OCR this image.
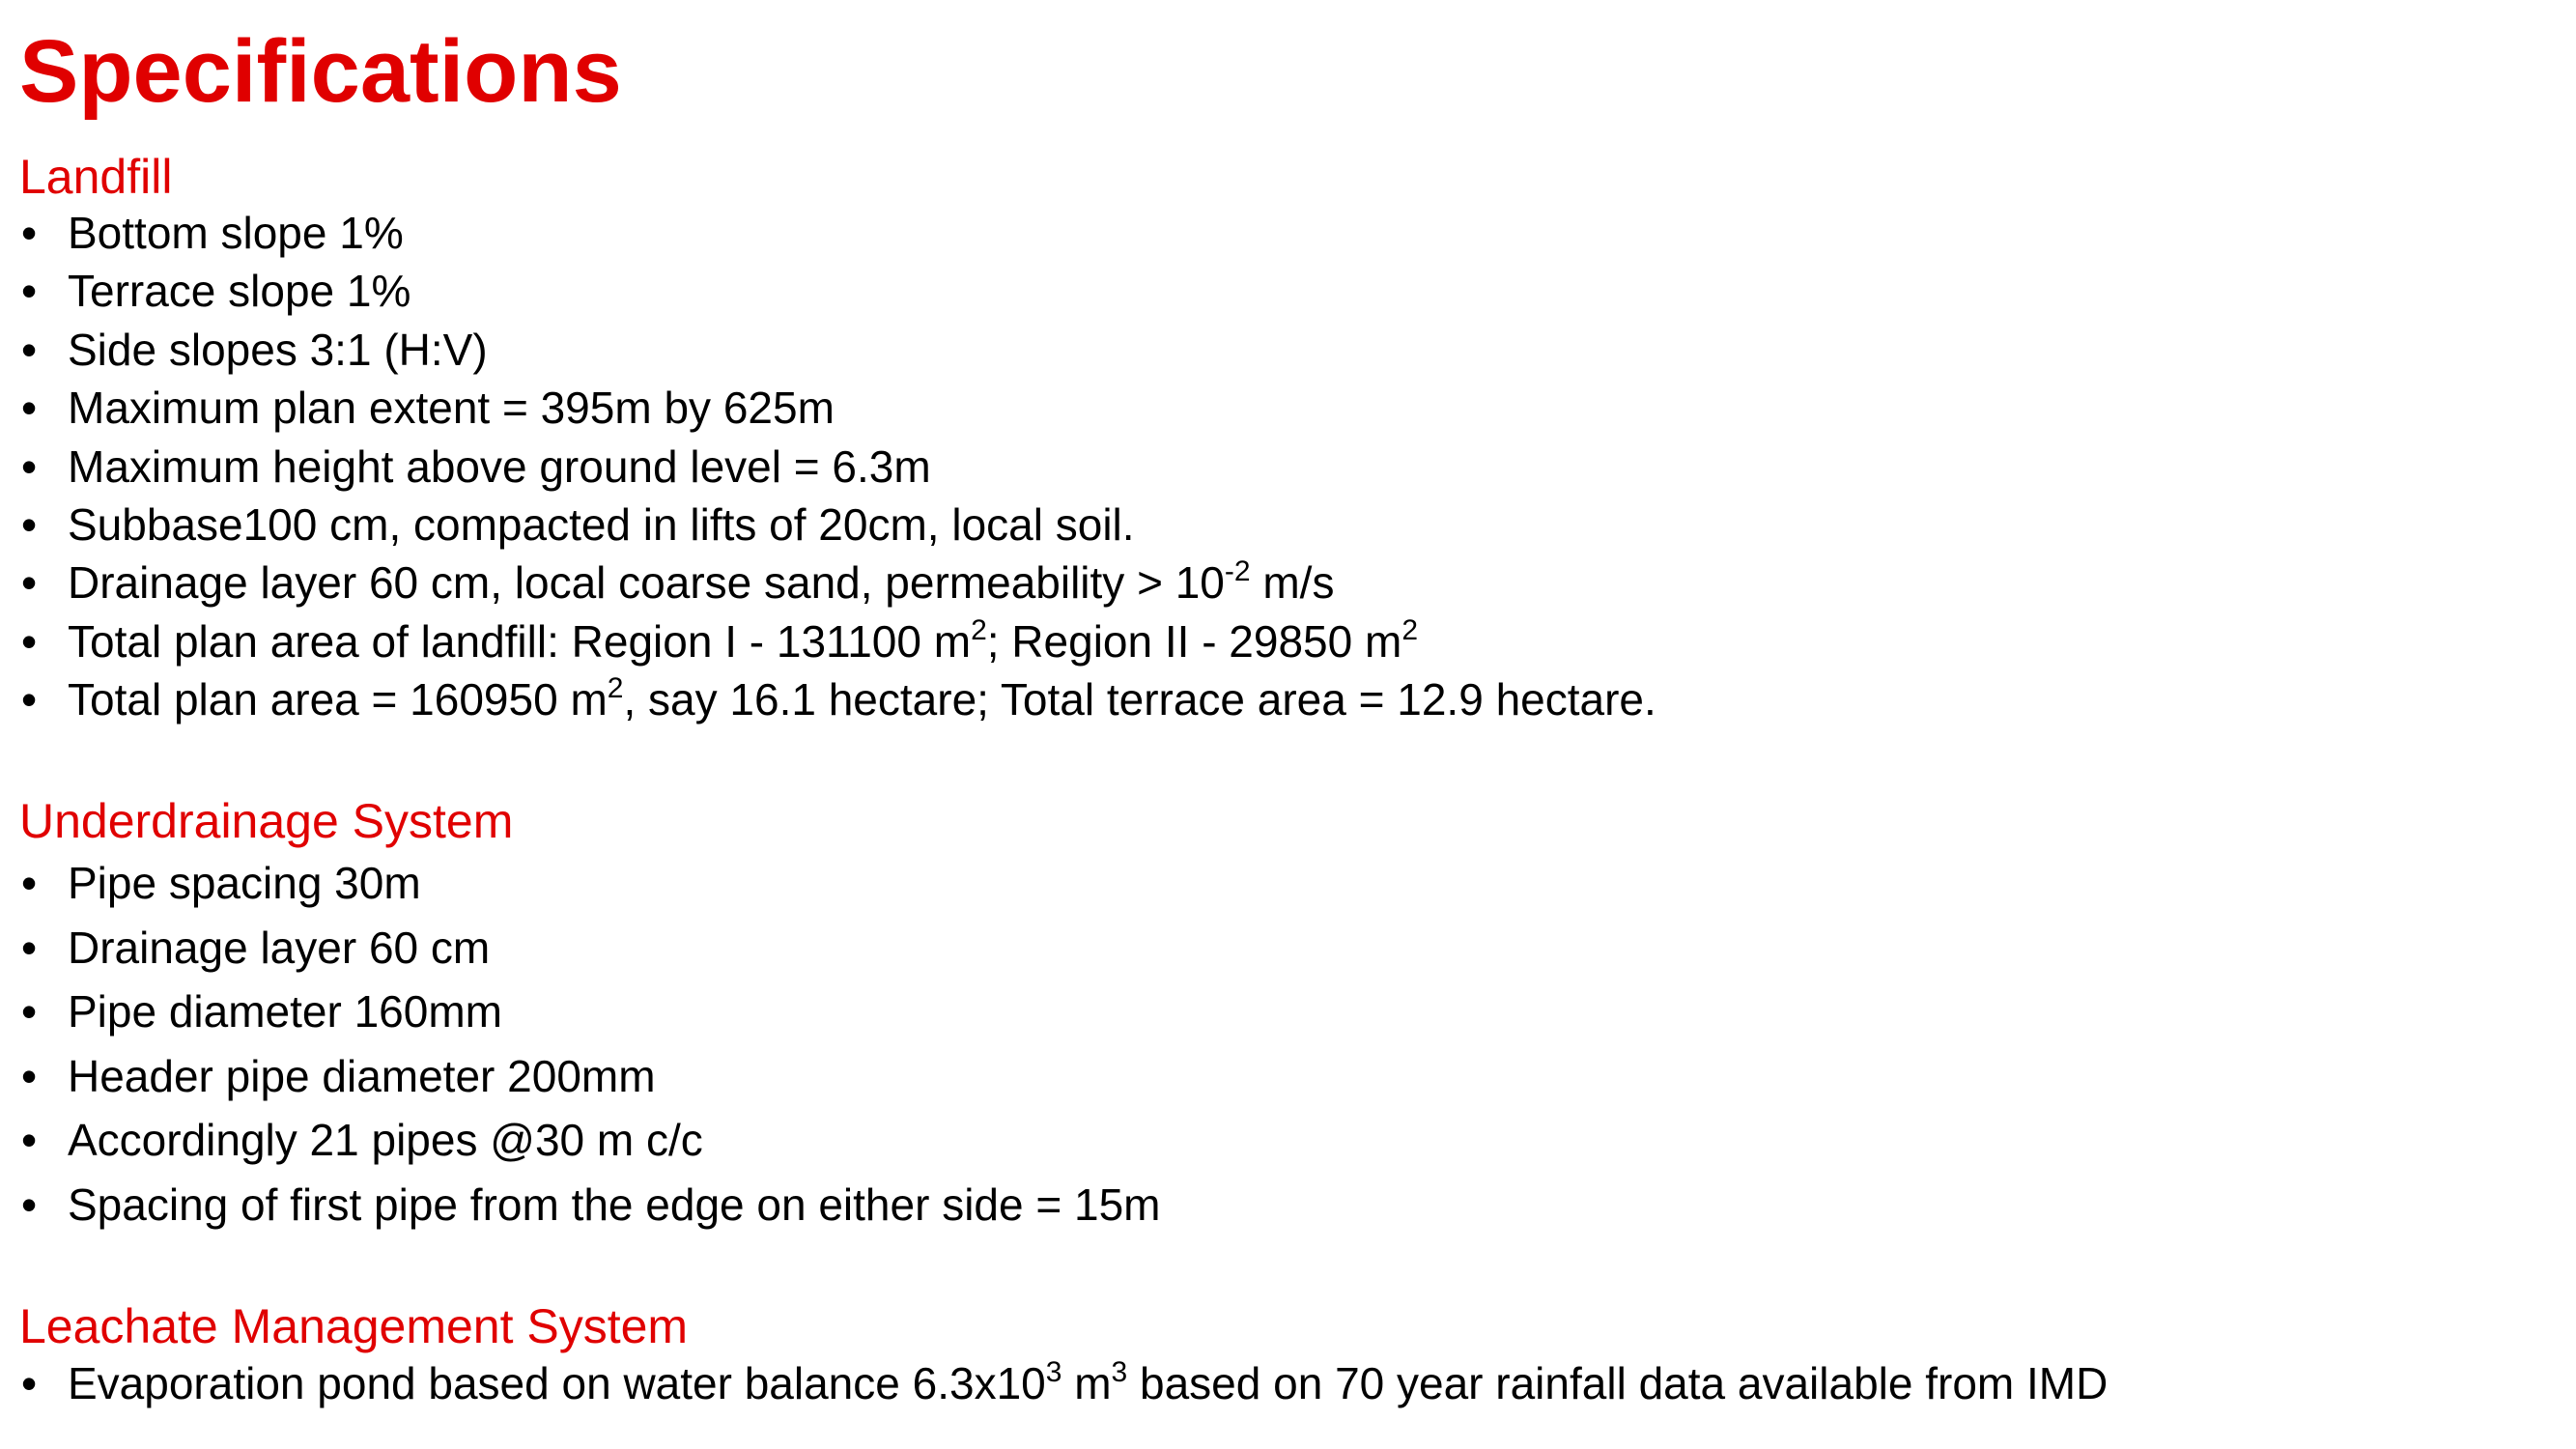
Specifications
Landfill
• Bottom slope 1%
• Terrace slope 1%
• Side slopes 3:1 (H:V)
• Maximum plan extent = 395m by 625m
• Maximum height above ground level = 6.3m
• Subbase100 cm, compacted in lifts of 20cm, local soil.
• Drainage layer 60 cm, local coarse sand, permeability > $10^{-2}$ m/s
• Total plan area of landfill: Region I - 131100 $m^2$; Region II - 29850 $m^2$
• Total plan area = 160950 $m^2$, say 16.1 hectare; Total terrace area = 12.9 hectare.
Underdrainage System
• Pipe spacing 30m
• Drainage layer 60 cm
• Pipe diameter 160mm
• Header pipe diameter 200mm
• Accordingly 21 pipes @30 m c/c
• Spacing of first pipe from the edge on either side = 15m
Leachate Management System
• Evaporation pond based on water balance $6.3x10^3$ $m^3$ based on 70 year rainfall data available from IMD
